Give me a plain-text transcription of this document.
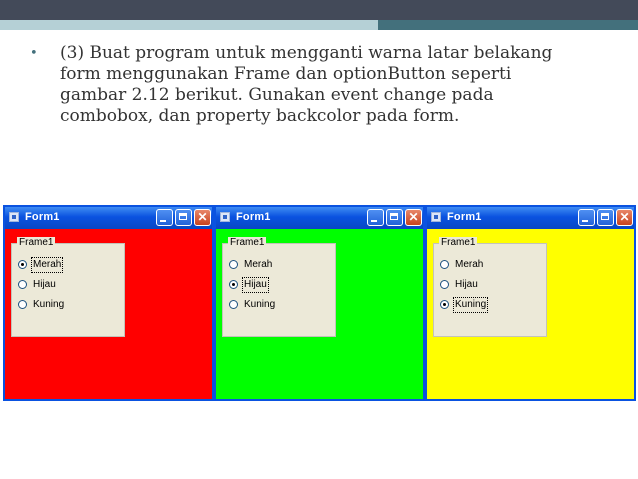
• (3) Buat program untuk mengganti warna latar belakang
form menggunakan Frame dan optionButton seperti
gambar 2.12 berikut. Gunakan event change pada
combobox, dan property backcolor pada form.
Form1	✕
Frame1
Merah
Hijau
Kuning
Form1	✕
Frame1
Merah
Hijau
Kuning
Form1	✕
Frame1
Merah
Hijau
Kuning
